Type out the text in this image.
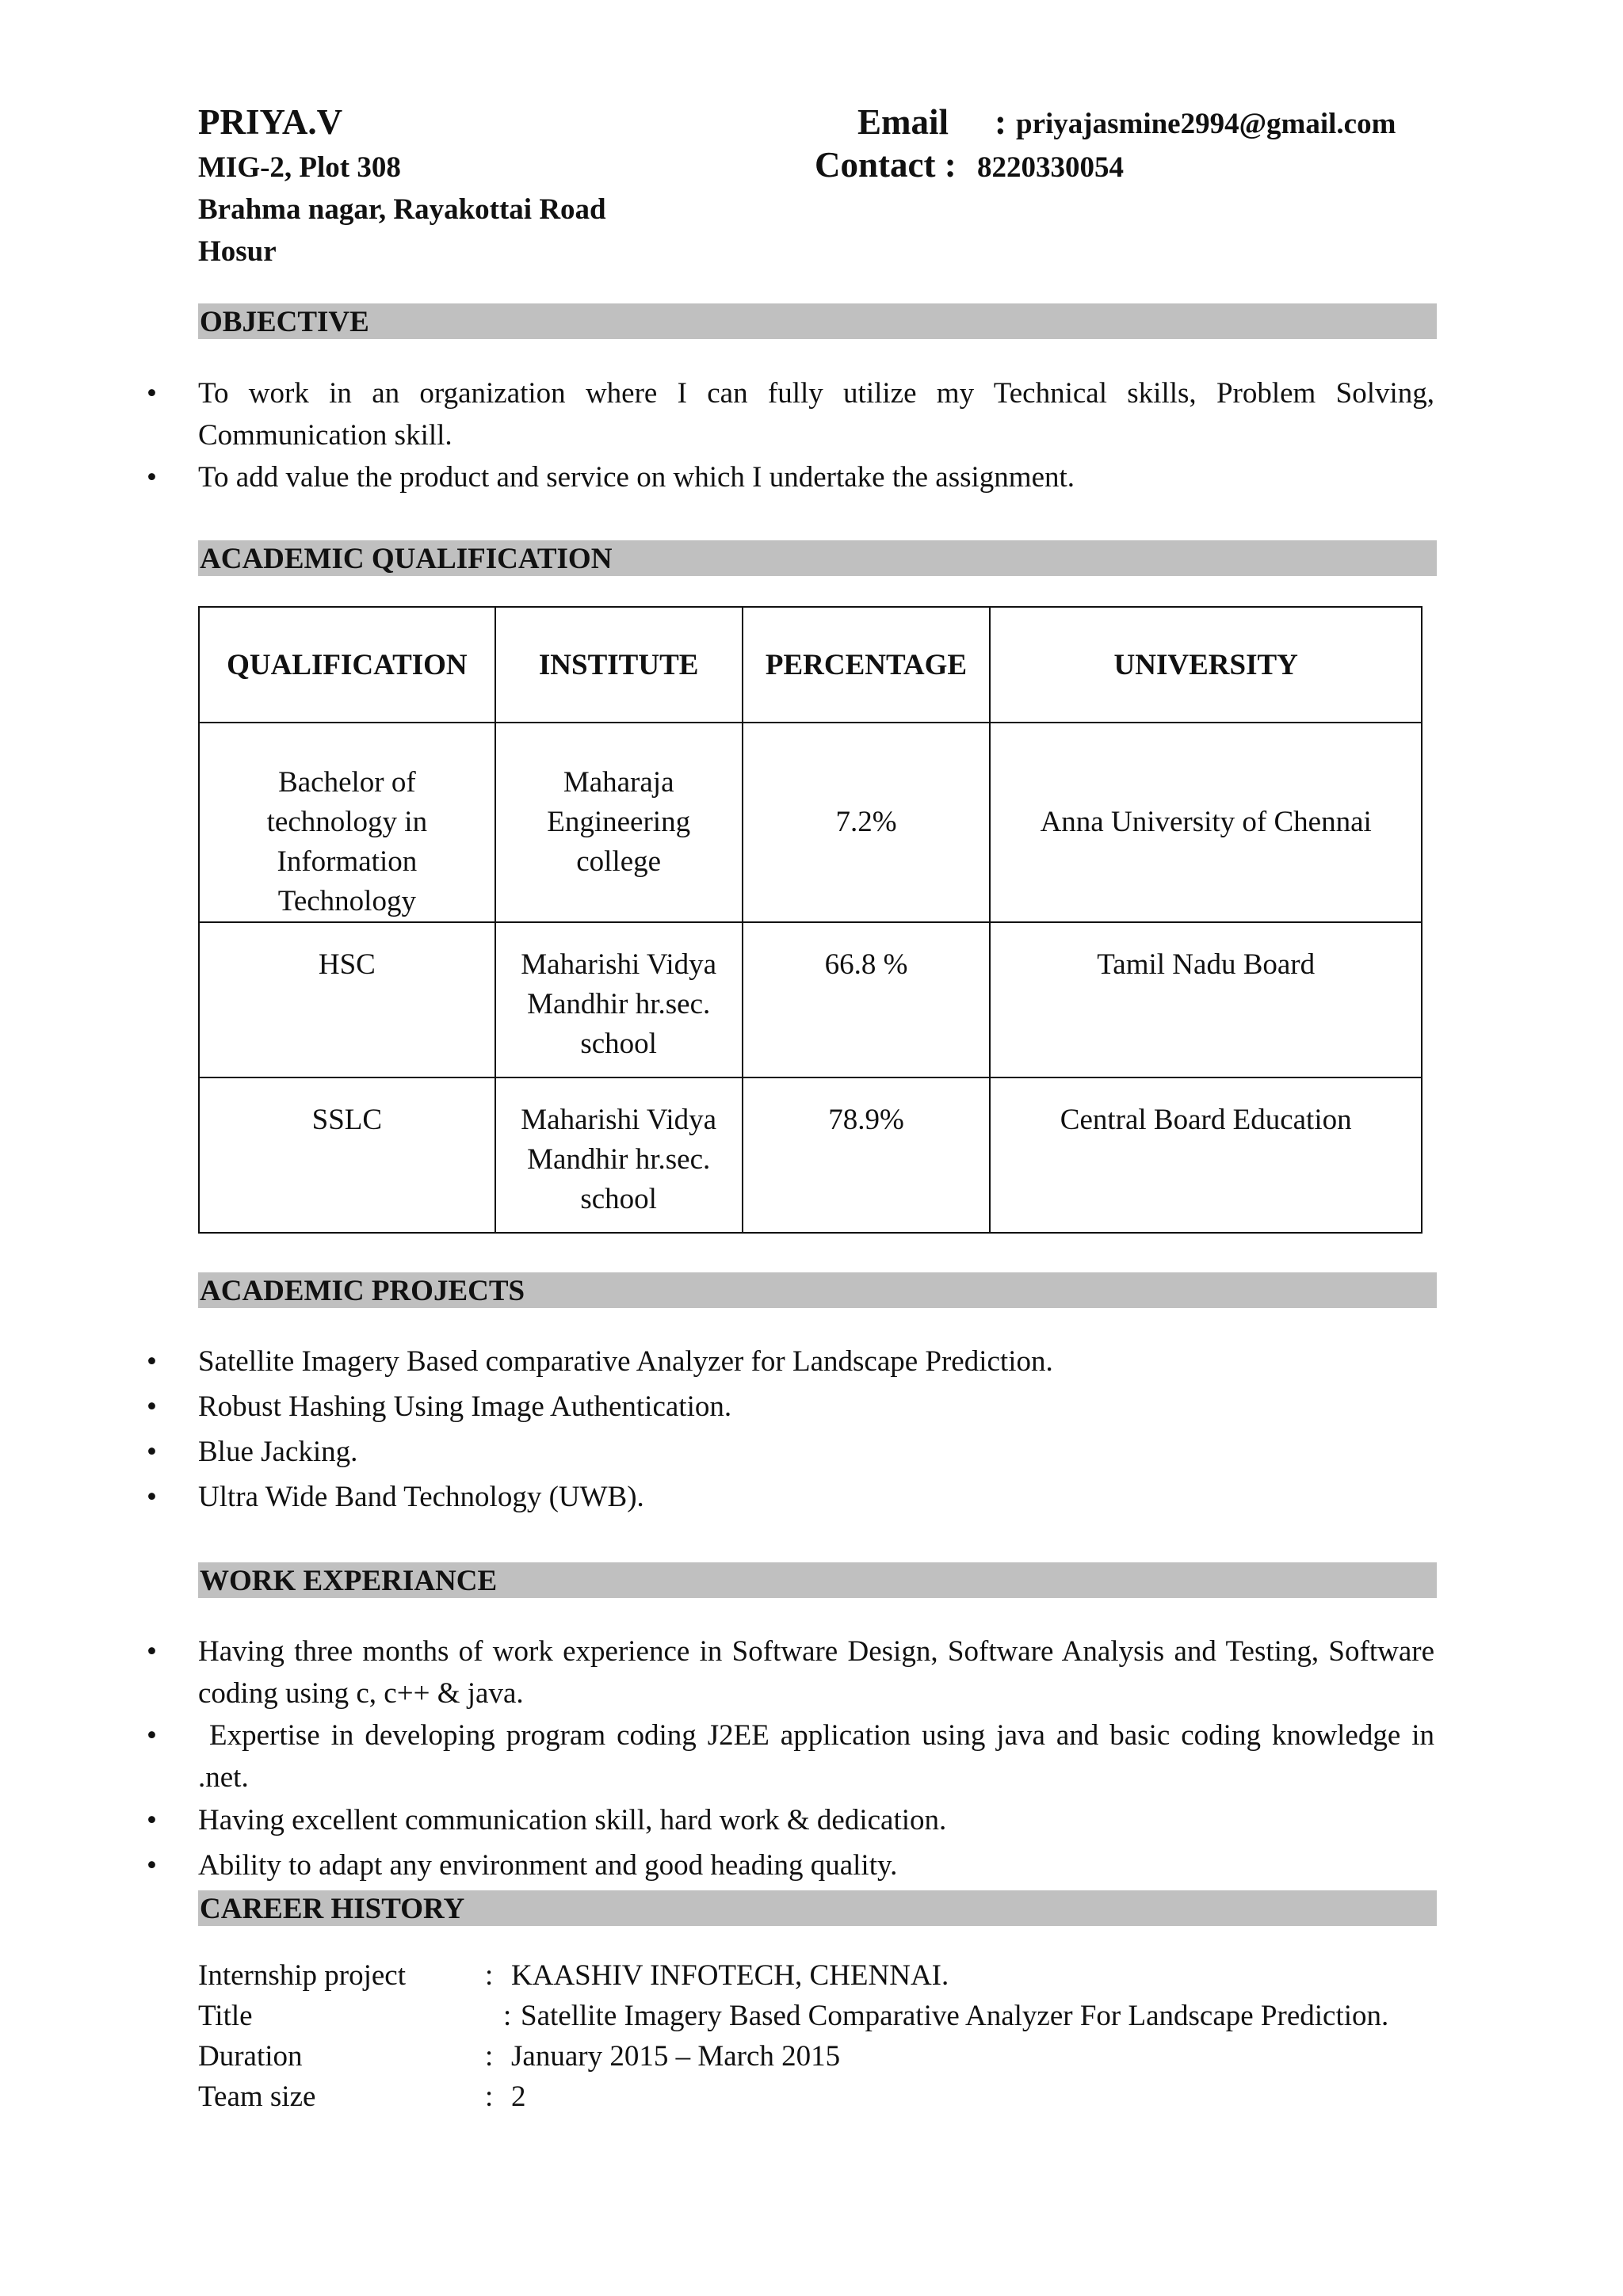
PRIYA.V
MIG-2, Plot 308
Brahma nagar, Rayakottai Road
Hosur
Email : priyajasmine2994@gmail.com
Contact : 8220330054
OBJECTIVE
• To work in an organization where I can fully utilize my Technical skills, Problem Solving, Communication skill.
• To add value the product and service on which I undertake the assignment.
ACADEMIC QUALIFICATION
QUALIFICATION	INSTITUTE	PERCENTAGE	UNIVERSITY
Bachelor of technology in Information Technology	Maharaja Engineering college	7.2%	Anna University of Chennai
HSC	Maharishi Vidya Mandhir hr.sec. school	66.8 %	Tamil Nadu Board
SSLC	Maharishi Vidya Mandhir hr.sec. school	78.9%	Central Board Education
ACADEMIC PROJECTS
• Satellite Imagery Based comparative Analyzer for Landscape Prediction.
• Robust Hashing Using Image Authentication.
• Blue Jacking.
• Ultra Wide Band Technology (UWB).
WORK EXPERIANCE
• Having three months of work experience in Software Design, Software Analysis and Testing, Software coding using c, c++ & java.
• Expertise in developing program coding J2EE application using java and basic coding knowledge in .net.
• Having excellent communication skill, hard work & dedication.
• Ability to adapt any environment and good heading quality.
CAREER HISTORY
Internship project	: KAASHIV INFOTECH, CHENNAI.
Title	: Satellite Imagery Based Comparative Analyzer For Landscape Prediction.
Duration	: January 2015 – March 2015
Team size	: 2
